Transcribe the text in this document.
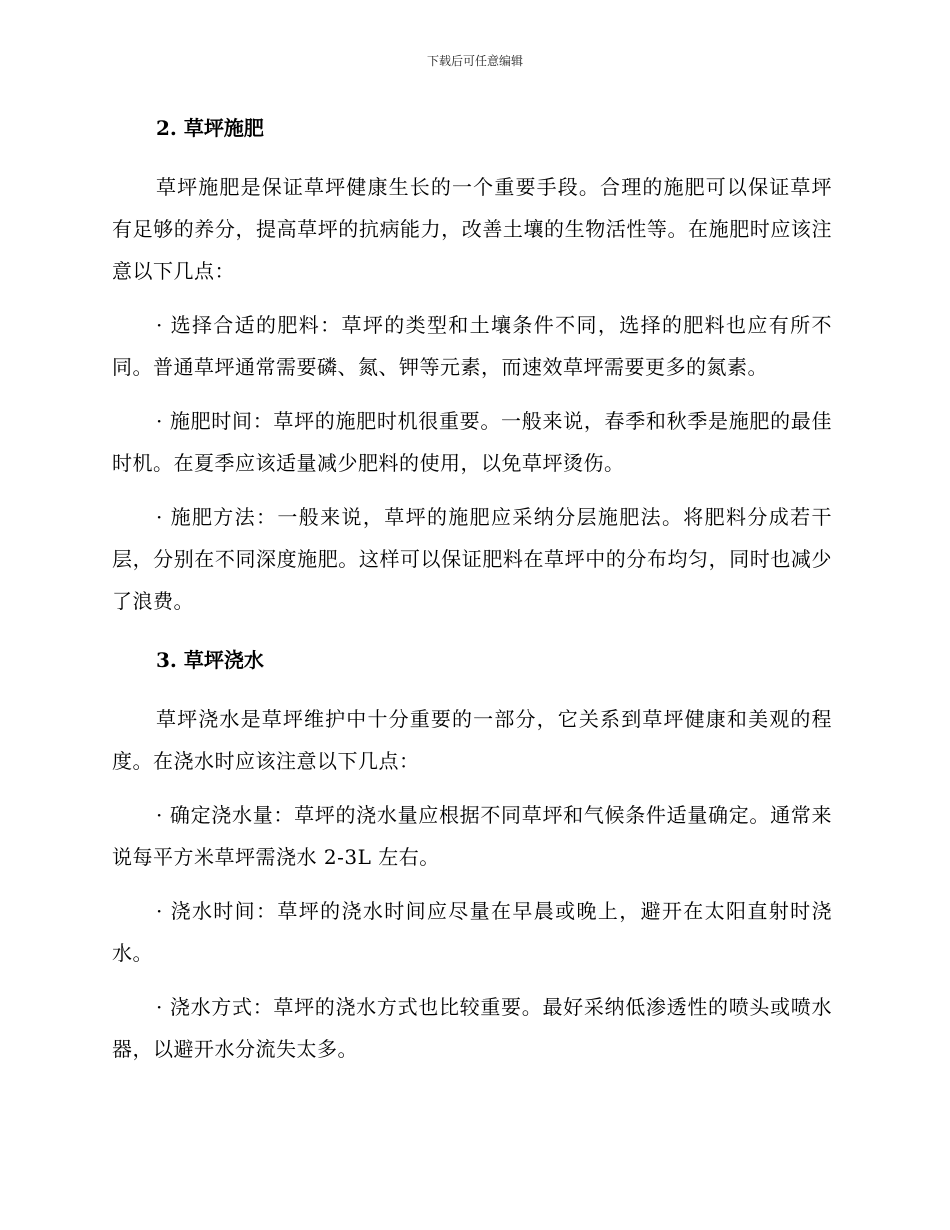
下载后可任意编辑
2. 草坪施肥

草坪施肥是保证草坪健康生长的一个重要手段。合理的施肥可以保证草坪有足够的养分，提高草坪的抗病能力，改善土壤的生物活性等。在施肥时应该注意以下几点：

· 选择合适的肥料：草坪的类型和土壤条件不同，选择的肥料也应有所不同。普通草坪通常需要磷、氮、钾等元素，而速效草坪需要更多的氮素。

· 施肥时间：草坪的施肥时机很重要。一般来说，春季和秋季是施肥的最佳时机。在夏季应该适量减少肥料的使用，以免草坪烫伤。

· 施肥方法：一般来说，草坪的施肥应采纳分层施肥法。将肥料分成若干层，分别在不同深度施肥。这样可以保证肥料在草坪中的分布均匀，同时也减少了浪费。

3. 草坪浇水

草坪浇水是草坪维护中十分重要的一部分，它关系到草坪健康和美观的程度。在浇水时应该注意以下几点：

· 确定浇水量：草坪的浇水量应根据不同草坪和气候条件适量确定。通常来说每平方米草坪需浇水 2-3L 左右。

· 浇水时间：草坪的浇水时间应尽量在早晨或晚上，避开在太阳直射时浇水。

· 浇水方式：草坪的浇水方式也比较重要。最好采纳低渗透性的喷头或喷水器，以避开水分流失太多。
